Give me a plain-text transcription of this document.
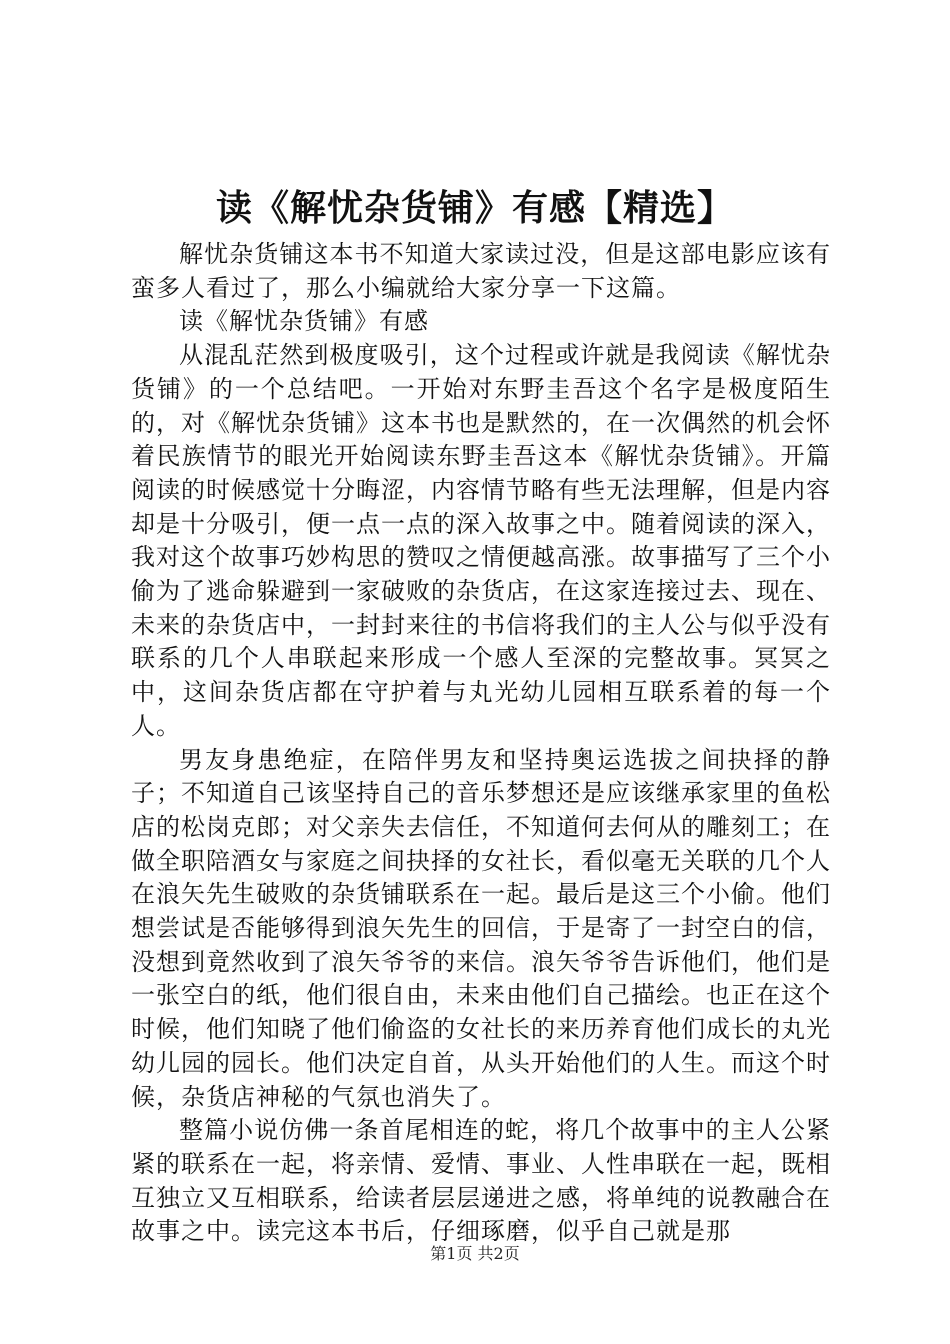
读《解忧杂货铺》有感【精选】

解忧杂货铺这本书不知道大家读过没，但是这部电影应该有蛮多人看过了，那么小编就给大家分享一下这篇。

读《解忧杂货铺》有感

从混乱茫然到极度吸引，这个过程或许就是我阅读《解忧杂货铺》的一个总结吧。一开始对东野圭吾这个名字是极度陌生的，对《解忧杂货铺》这本书也是默然的，在一次偶然的机会怀着民族情节的眼光开始阅读东野圭吾这本《解忧杂货铺》。开篇阅读的时候感觉十分晦涩，内容情节略有些无法理解，但是内容却是十分吸引，便一点一点的深入故事之中。随着阅读的深入，我对这个故事巧妙构思的赞叹之情便越高涨。故事描写了三个小偷为了逃命躲避到一家破败的杂货店，在这家连接过去、现在、未来的杂货店中，一封封来往的书信将我们的主人公与似乎没有联系的几个人串联起来形成一个感人至深的完整故事。冥冥之中，这间杂货店都在守护着与丸光幼儿园相互联系着的每一个人。

男友身患绝症，在陪伴男友和坚持奥运选拔之间抉择的静子；不知道自己该坚持自己的音乐梦想还是应该继承家里的鱼松店的松岗克郎；对父亲失去信任，不知道何去何从的雕刻工；在做全职陪酒女与家庭之间抉择的女社长，看似毫无关联的几个人在浪矢先生破败的杂货铺联系在一起。最后是这三个小偷。他们想尝试是否能够得到浪矢先生的回信，于是寄了一封空白的信，没想到竟然收到了浪矢爷爷的来信。浪矢爷爷告诉他们，他们是一张空白的纸，他们很自由，未来由他们自己描绘。也正在这个时候，他们知晓了他们偷盗的女社长的来历养育他们成长的丸光幼儿园的园长。他们决定自首，从头开始他们的人生。而这个时候，杂货店神秘的气氛也消失了。

整篇小说仿佛一条首尾相连的蛇，将几个故事中的主人公紧紧的联系在一起，将亲情、爱情、事业、人性串联在一起，既相互独立又互相联系，给读者层层递进之感，将单纯的说教融合在故事之中。读完这本书后，仔细琢磨，似乎自己就是那

第1页 共2页
